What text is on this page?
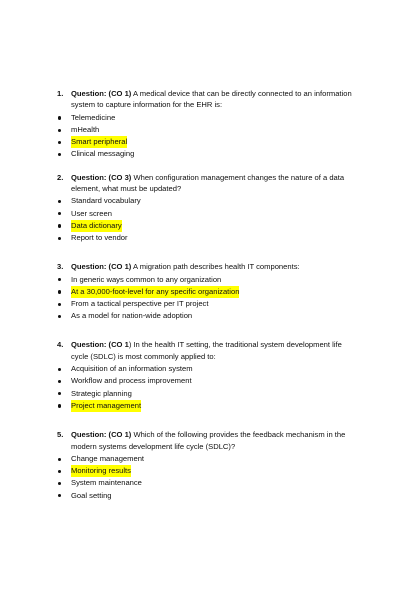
1.	Question: (CO 1) A medical device that can be directly connected to an information system to capture information for the EHR is:
Telemedicine
mHealth
Smart peripheral
Clinical messaging
2.	Question: (CO 3) When configuration management changes the nature of a data element, what must be updated?
Standard vocabulary
User screen
Data dictionary
Report to vendor
3.	Question: (CO 1) A migration path describes health IT components:
In generic ways common to any organization
At a 30,000-foot-level for any specific organization
From a tactical perspective per IT project
As a model for nation-wide adoption
4.	Question: (CO 1) In the health IT setting, the traditional system development life cycle (SDLC) is most commonly applied to:
Acquisition of an information system
Workflow and process improvement
Strategic planning
Project management
5.	Question: (CO 1) Which of the following provides the feedback mechanism in the modern systems development life cycle (SDLC)?
Change management
Monitoring results
System maintenance
Goal setting
